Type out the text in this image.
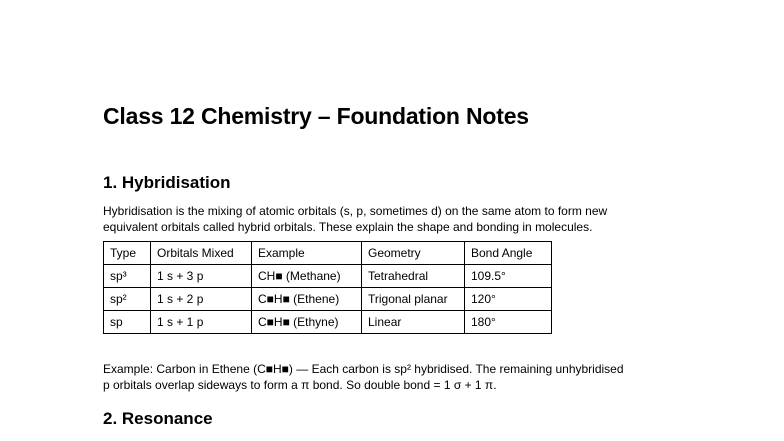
Class 12 Chemistry – Foundation Notes
1. Hybridisation

Hybridisation is the mixing of atomic orbitals (s, p, sometimes d) on the same atom to form new
equivalent orbitals called hybrid orbitals. These explain the shape and bonding in molecules.

Type	Orbitals Mixed	Example	Geometry	Bond Angle
sp³	1 s + 3 p	CH■ (Methane)	Tetrahedral	109.5°
sp²	1 s + 2 p	C■H■ (Ethene)	Trigonal planar	120°
sp	1 s + 1 p	C■H■ (Ethyne)	Linear	180°

Example: Carbon in Ethene (C■H■) — Each carbon is sp² hybridised. The remaining unhybridised
p orbitals overlap sideways to form a π bond. So double bond = 1 σ + 1 π.

2. Resonance
